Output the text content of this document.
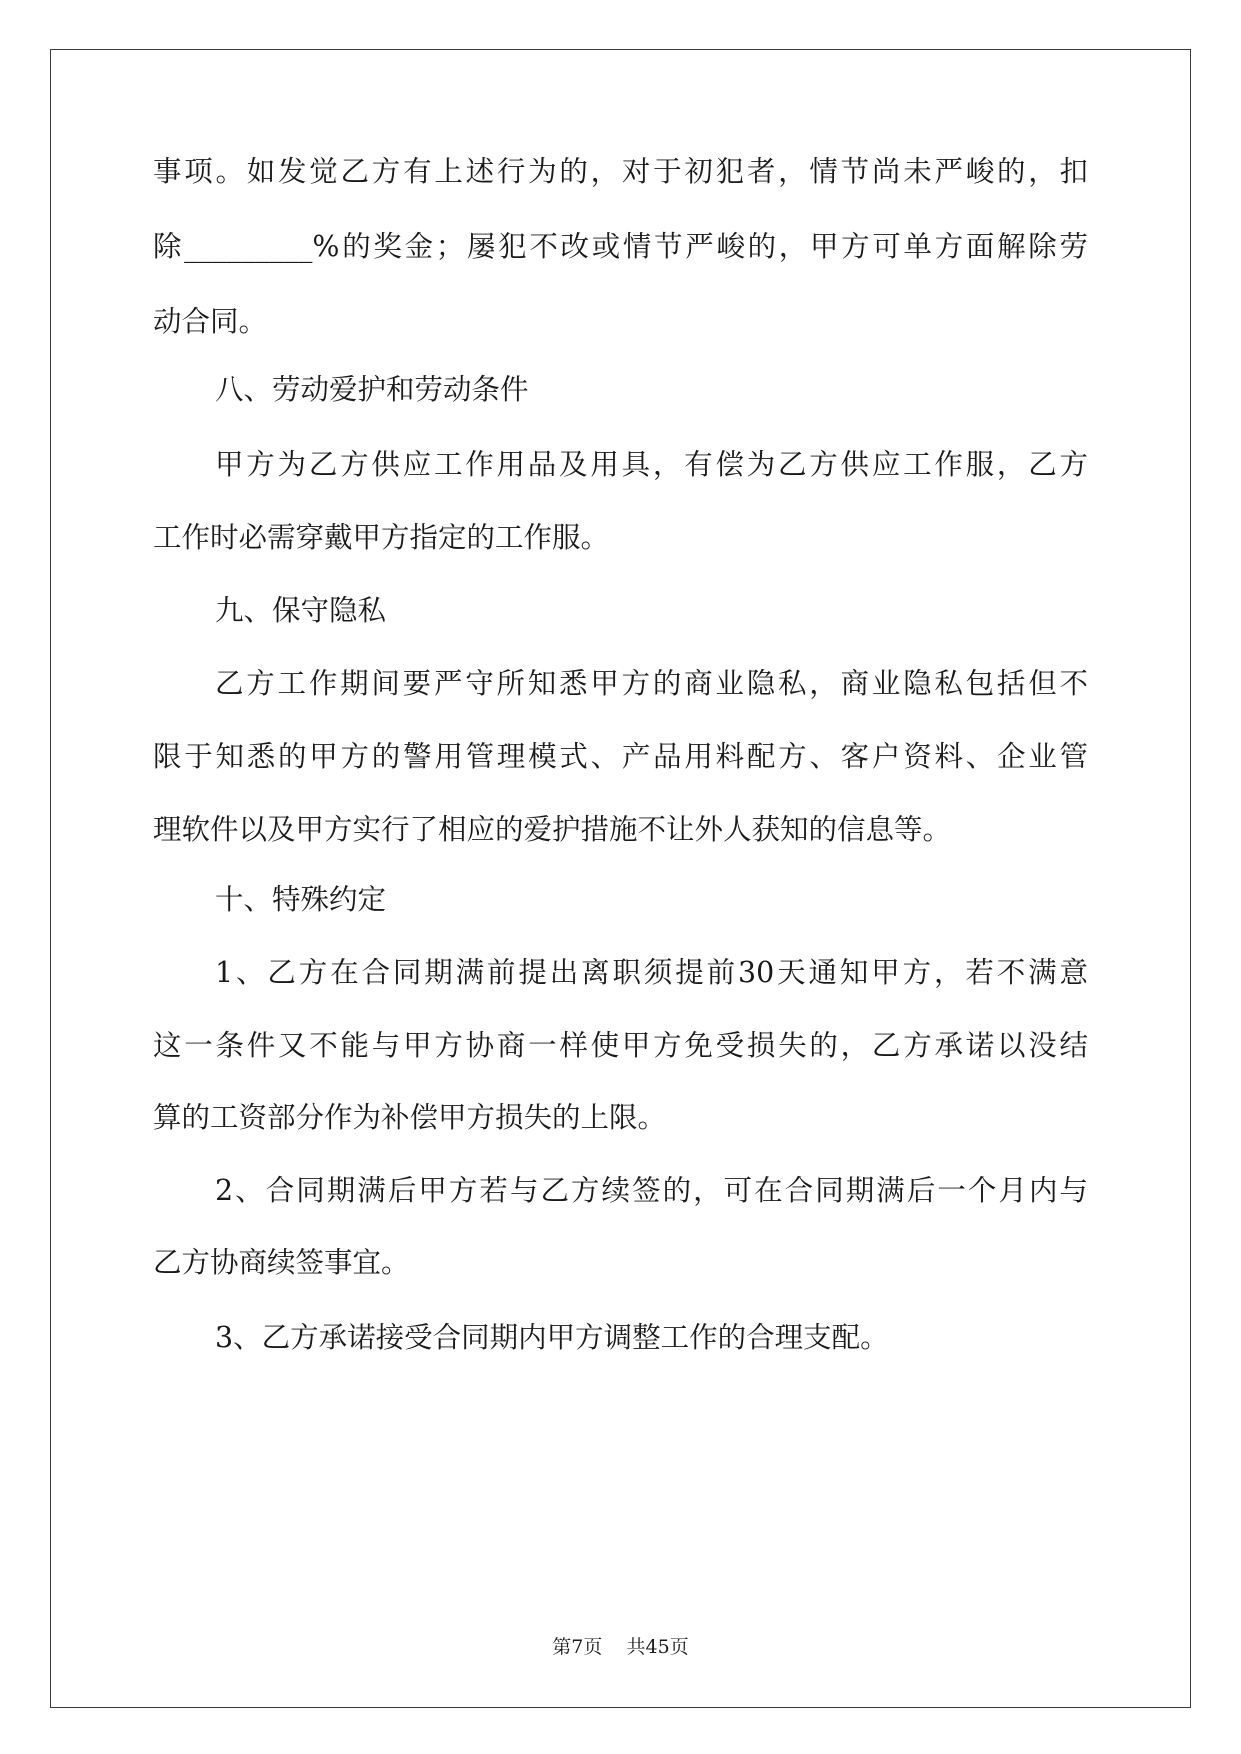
事项。如发觉乙方有上述行为的，对于初犯者，情节尚未严峻的，扣
除_________%的奖金；屡犯不改或情节严峻的，甲方可单方面解除劳
动合同。
八、劳动爱护和劳动条件
甲方为乙方供应工作用品及用具，有偿为乙方供应工作服，乙方
工作时必需穿戴甲方指定的工作服。
九、保守隐私
乙方工作期间要严守所知悉甲方的商业隐私，商业隐私包括但不
限于知悉的甲方的警用管理模式、产品用料配方、客户资料、企业管
理软件以及甲方实行了相应的爱护措施不让外人获知的信息等。
十、特殊约定
1、乙方在合同期满前提出离职须提前30天通知甲方，若不满意
这一条件又不能与甲方协商一样使甲方免受损失的，乙方承诺以没结
算的工资部分作为补偿甲方损失的上限。
2、合同期满后甲方若与乙方续签的，可在合同期满后一个月内与
乙方协商续签事宜。
3、乙方承诺接受合同期内甲方调整工作的合理支配。
第7页 共45页
